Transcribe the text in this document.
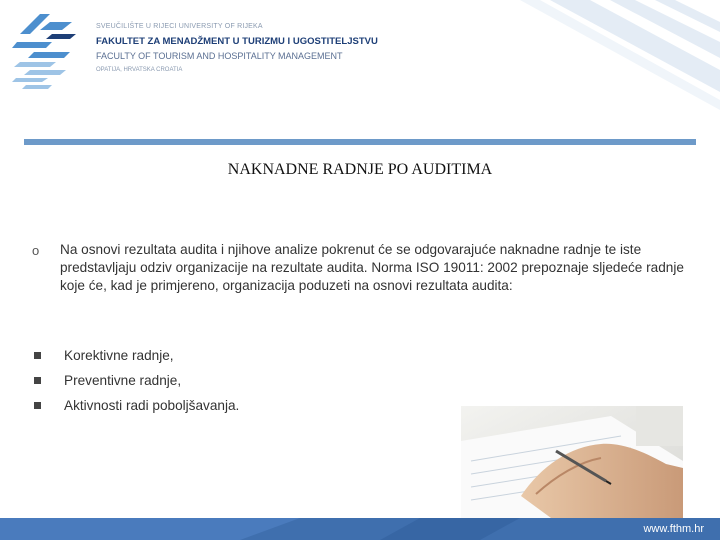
SVEUČILIŠTE U RIJECI UNIVERSITY OF RIJEKA
FAKULTET ZA MENADŽMENT U TURIZMU I UGOSTITELJSTVU
FACULTY OF TOURISM AND HOSPITALITY MANAGEMENT
OPATIJA, HRVATSKA CROATIA
NAKNADNE RADNJE PO AUDITIMA
o Na osnovi rezultata audita i njihove analize pokrenut će se odgovarajuće naknadne radnje te iste predstavljaju odziv organizacije na rezultate audita. Norma ISO 19011: 2002 prepoznaje sljedeće radnje koje će, kad je primjereno, organizacija poduzeti na osnovi rezultata audita:
Korektivne radnje,
Preventivne radnje,
Aktivnosti radi poboljšavanja.
www.fthm.hr
